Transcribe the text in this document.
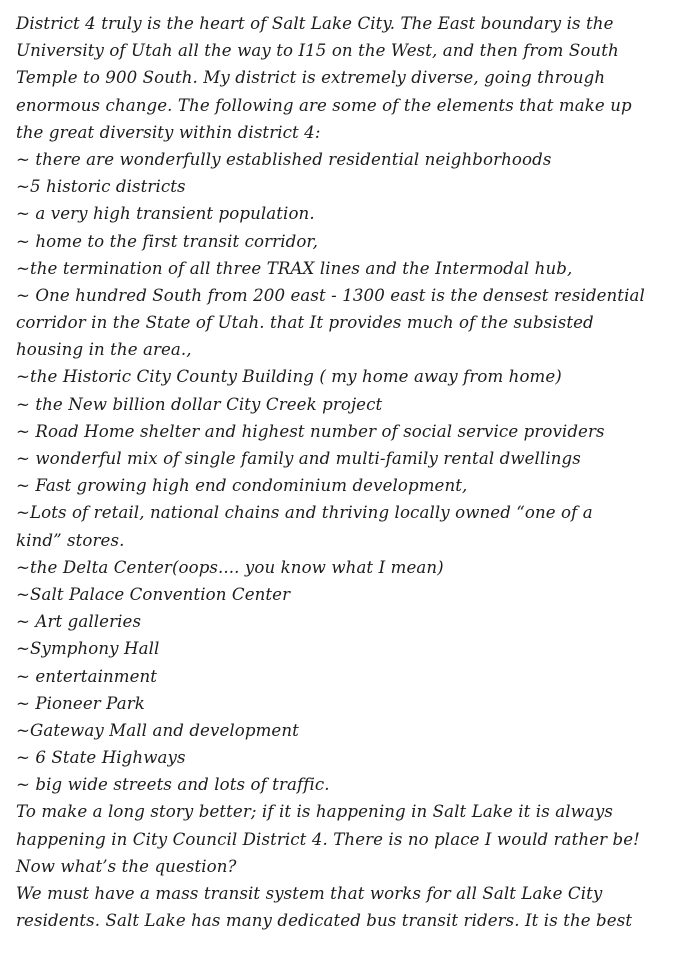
District 4 truly is the heart of Salt Lake City. The East boundary is the
University of Utah all the way to I15 on the West, and then from South
Temple to 900 South. My district is extremely diverse, going through
enormous change. The following are some of the elements that make up
the great diversity within district 4:
~ there are wonderfully established residential neighborhoods
~5 historic districts
~ a very high transient population.
~ home to the first transit corridor,
~the termination of all three TRAX lines and the Intermodal hub,
~ One hundred South from 200 east - 1300 east is the densest residential
corridor in the State of Utah. that It provides much of the subsisted
housing in the area.,
~the Historic City County Building ( my home away from home)
~ the New billion dollar City Creek project
~ Road Home shelter and highest number of social service providers
~ wonderful mix of single family and multi-family rental dwellings
~ Fast growing high end condominium development,
~Lots of retail, national chains and thriving locally owned “one of a
kind” stores.
~the Delta Center(oops.... you know what I mean)
~Salt Palace Convention Center
~ Art galleries
~Symphony Hall
~ entertainment
~ Pioneer Park
~Gateway Mall and development
~ 6 State Highways
~ big wide streets and lots of traffic.
To make a long story better; if it is happening in Salt Lake it is always
happening in City Council District 4. There is no place I would rather be!
Now what’s the question?
We must have a mass transit system that works for all Salt Lake City
residents. Salt Lake has many dedicated bus transit riders. It is the best
